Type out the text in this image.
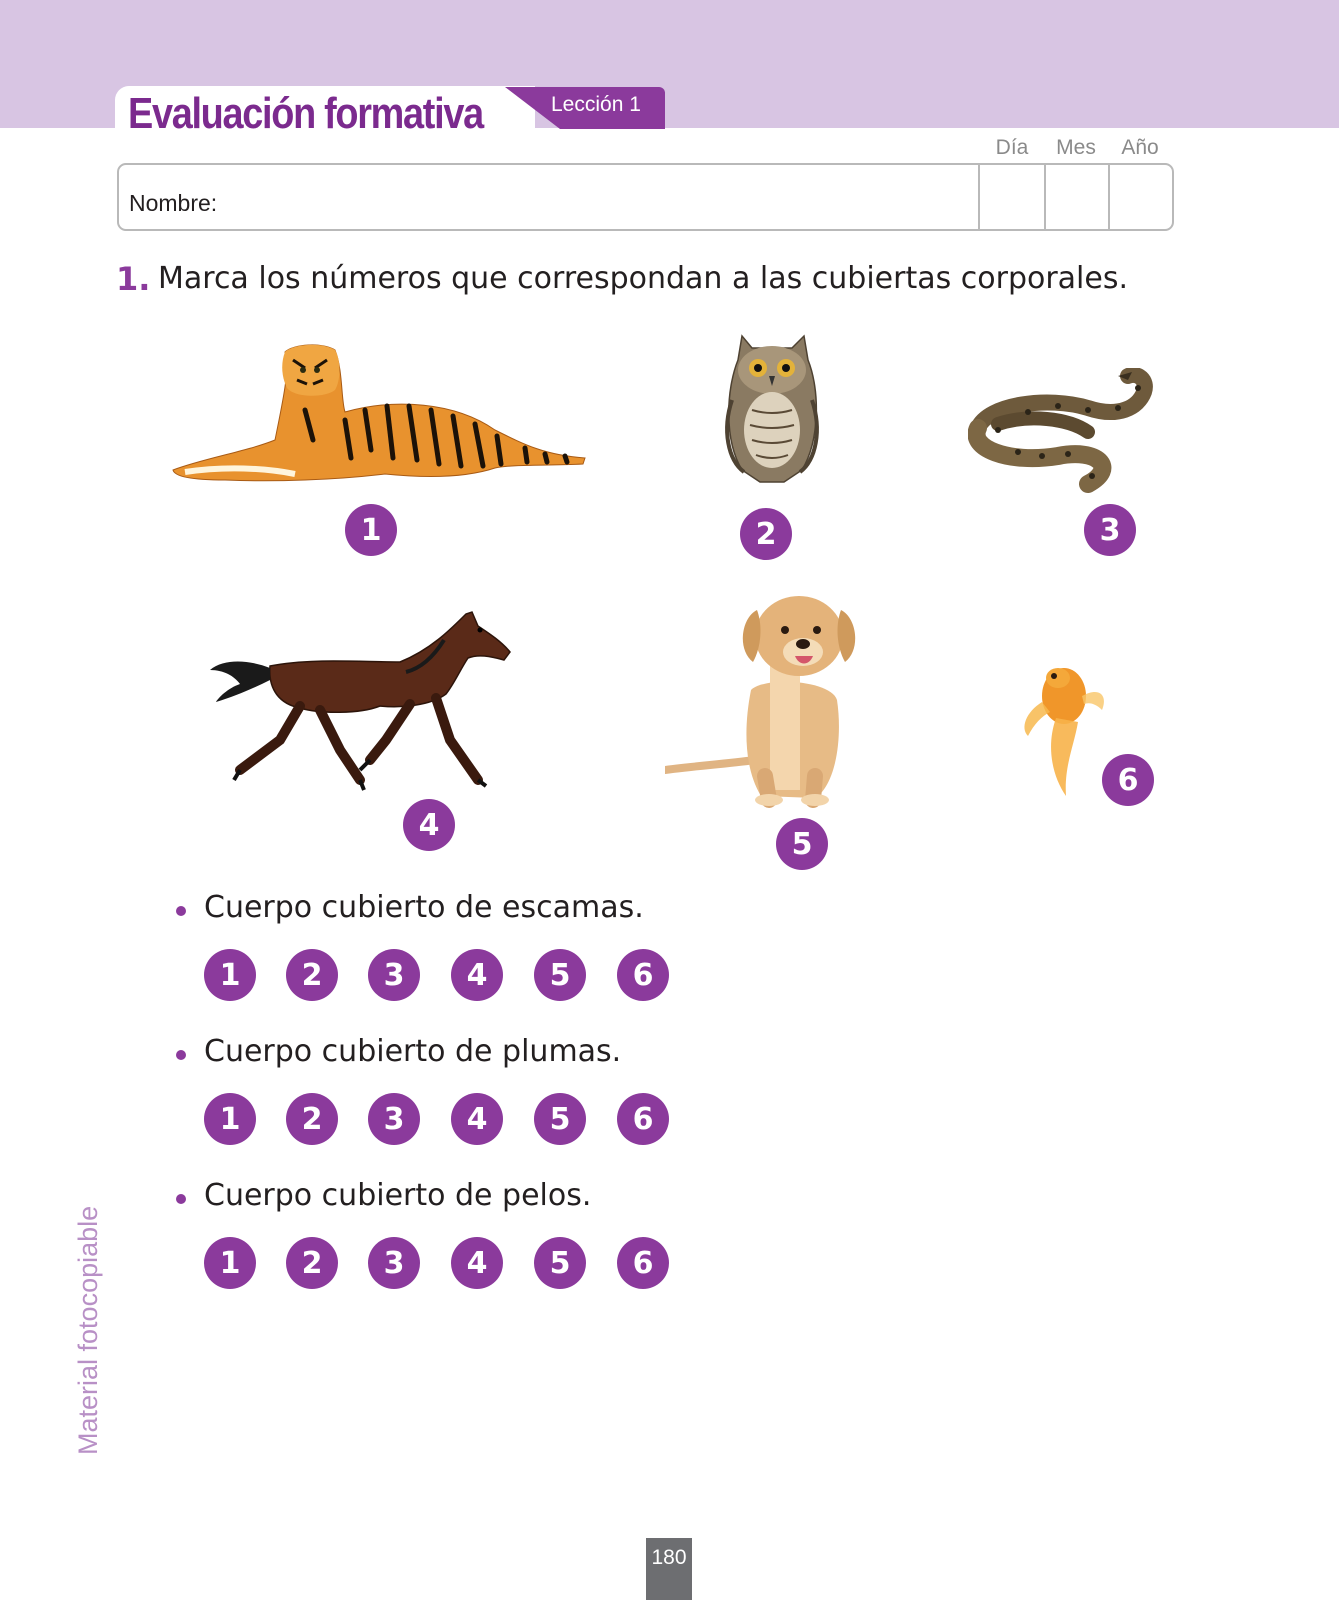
Evaluación formativa	Lección 1
Día	Mes	Año
Nombre:
1. Marca los números que correspondan a las cubiertas corporales.
1	2	3
4
5
6
Cuerpo cubierto de escamas.
1	2	3	4	5	6
Cuerpo cubierto de plumas.
1	2	3	4	5	6
Cuerpo cubierto de pelos.
1	2	3	4	5	6
Material fotocopiable
180
